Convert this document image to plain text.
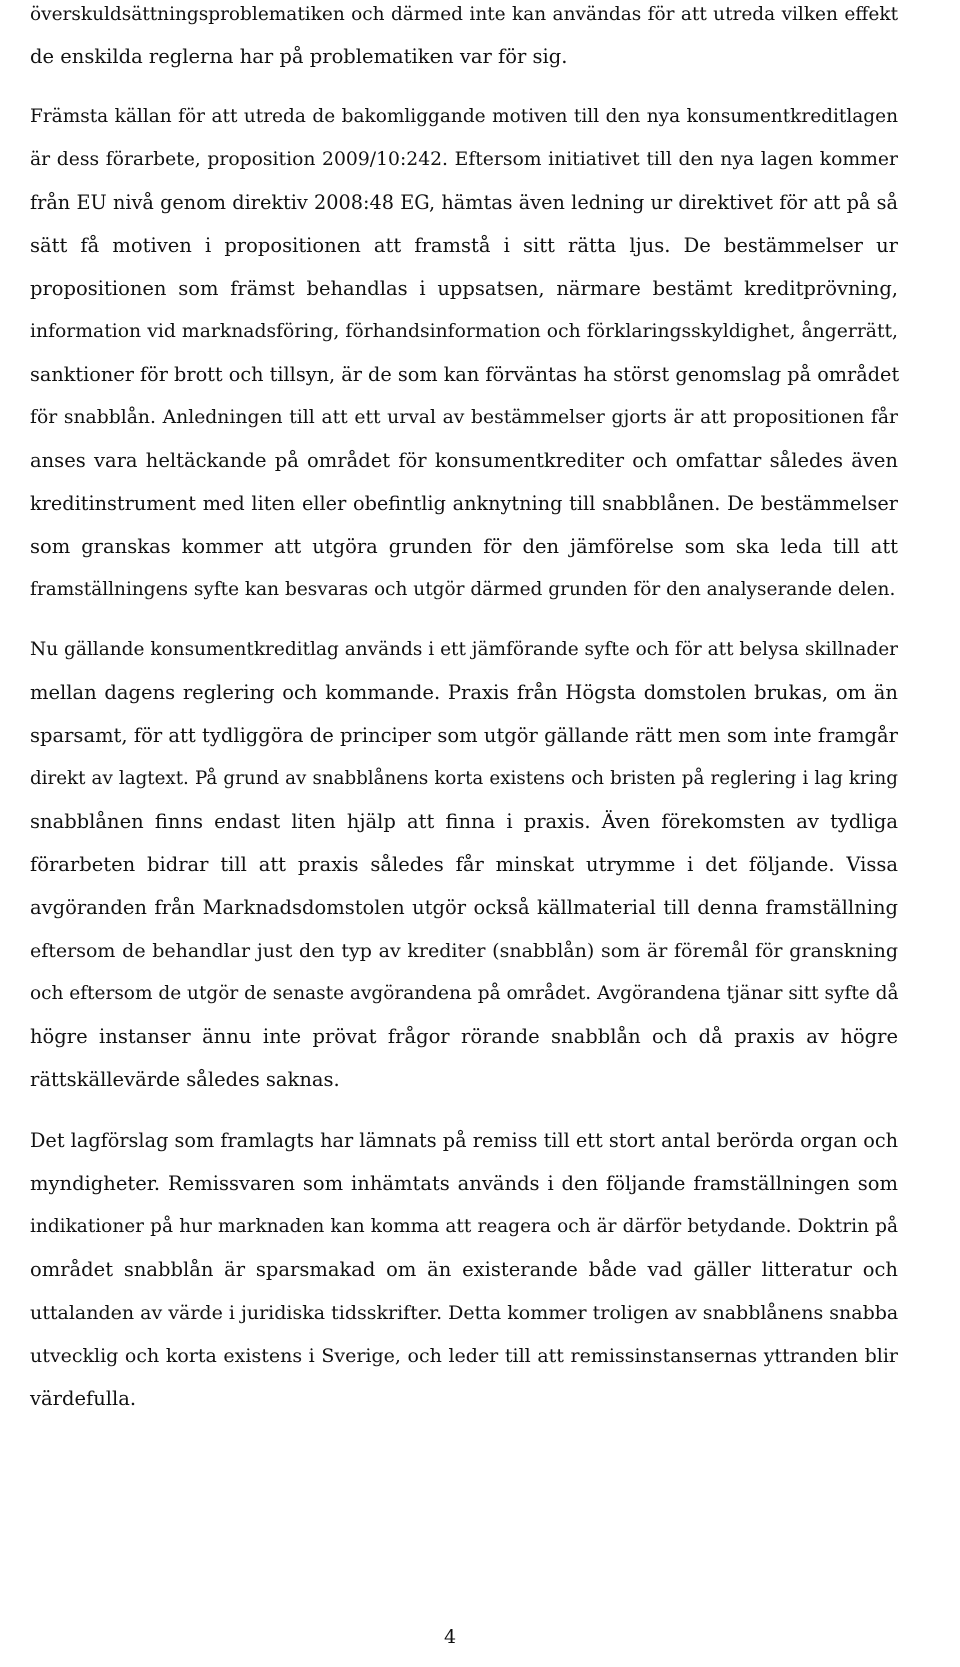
överskuldsättningsproblematiken och därmed inte kan användas för att utreda vilken effekt
de enskilda reglerna har på problematiken var för sig.
Främsta källan för att utreda de bakomliggande motiven till den nya konsumentkreditlagen
är dess förarbete, proposition 2009/10:242. Eftersom initiativet till den nya lagen kommer
från EU nivå genom direktiv 2008:48 EG, hämtas även ledning ur direktivet för att på så
sätt få motiven i propositionen att framstå i sitt rätta ljus. De bestämmelser ur
propositionen som främst behandlas i uppsatsen, närmare bestämt kreditprövning,
information vid marknadsföring, förhandsinformation och förklaringsskyldighet, ångerrätt,
sanktioner för brott och tillsyn, är de som kan förväntas ha störst genomslag på området
för snabblån. Anledningen till att ett urval av bestämmelser gjorts är att propositionen får
anses vara heltäckande på området för konsumentkrediter och omfattar således även
kreditinstrument med liten eller obefintlig anknytning till snabblånen. De bestämmelser
som granskas kommer att utgöra grunden för den jämförelse som ska leda till att
framställningens syfte kan besvaras och utgör därmed grunden för den analyserande delen.
Nu gällande konsumentkreditlag används i ett jämförande syfte och för att belysa skillnader
mellan dagens reglering och kommande. Praxis från Högsta domstolen brukas, om än
sparsamt, för att tydliggöra de principer som utgör gällande rätt men som inte framgår
direkt av lagtext. På grund av snabblånens korta existens och bristen på reglering i lag kring
snabblånen finns endast liten hjälp att finna i praxis. Även förekomsten av tydliga
förarbeten bidrar till att praxis således får minskat utrymme i det följande. Vissa
avgöranden från Marknadsdomstolen utgör också källmaterial till denna framställning
eftersom de behandlar just den typ av krediter (snabblån) som är föremål för granskning
och eftersom de utgör de senaste avgörandena på området. Avgörandena tjänar sitt syfte då
högre instanser ännu inte prövat frågor rörande snabblån och då praxis av högre
rättskällevärde således saknas.
Det lagförslag som framlagts har lämnats på remiss till ett stort antal berörda organ och
myndigheter. Remissvaren som inhämtats används i den följande framställningen som
indikationer på hur marknaden kan komma att reagera och är därför betydande. Doktrin på
området snabblån är sparsmakad om än existerande både vad gäller litteratur och
uttalanden av värde i juridiska tidsskrifter. Detta kommer troligen av snabblånens snabba
utvecklig och korta existens i Sverige, och leder till att remissinstansernas yttranden blir
värdefulla.
4
